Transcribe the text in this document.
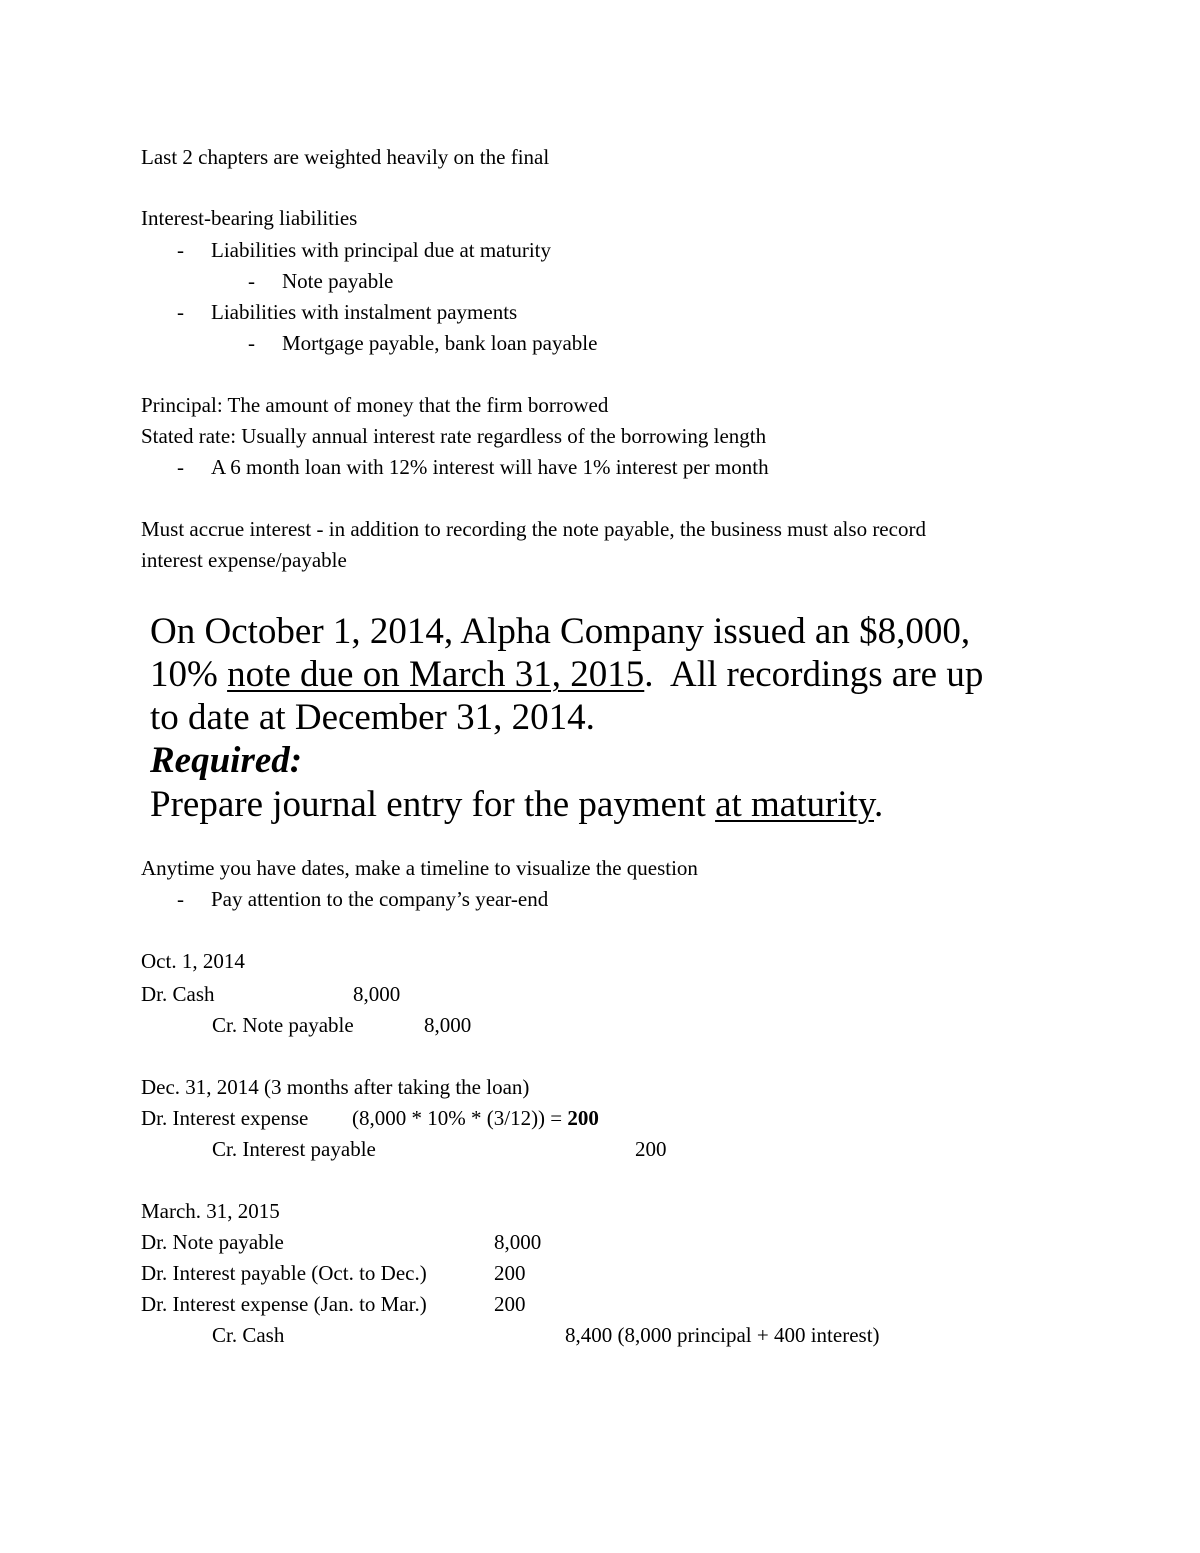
Last 2 chapters are weighted heavily on the final
Interest-bearing liabilities
- Liabilities with principal due at maturity
- Note payable
- Liabilities with instalment payments
- Mortgage payable, bank loan payable
Principal: The amount of money that the firm borrowed
Stated rate: Usually annual interest rate regardless of the borrowing length
- A 6 month loan with 12% interest will have 1% interest per month
Must accrue interest - in addition to recording the note payable, the business must also record
interest expense/payable
On October 1, 2014, Alpha Company issued an $8,000,
10% note due on March 31, 2015.  All recordings are up
to date at December 31, 2014.
Required:
Prepare journal entry for the payment at maturity.
Anytime you have dates, make a timeline to visualize the question
- Pay attention to the company’s year-end
Oct. 1, 2014
Dr. Cash	8,000
Cr. Note payable	8,000
Dec. 31, 2014 (3 months after taking the loan)
Dr. Interest expense (8,000 * 10% * (3/12)) = 200
Cr. Interest payable	200
March. 31, 2015
Dr. Note payable	8,000
Dr. Interest payable (Oct. to Dec.)	200
Dr. Interest expense (Jan. to Mar.)	200
Cr. Cash	8,400 (8,000 principal + 400 interest)
